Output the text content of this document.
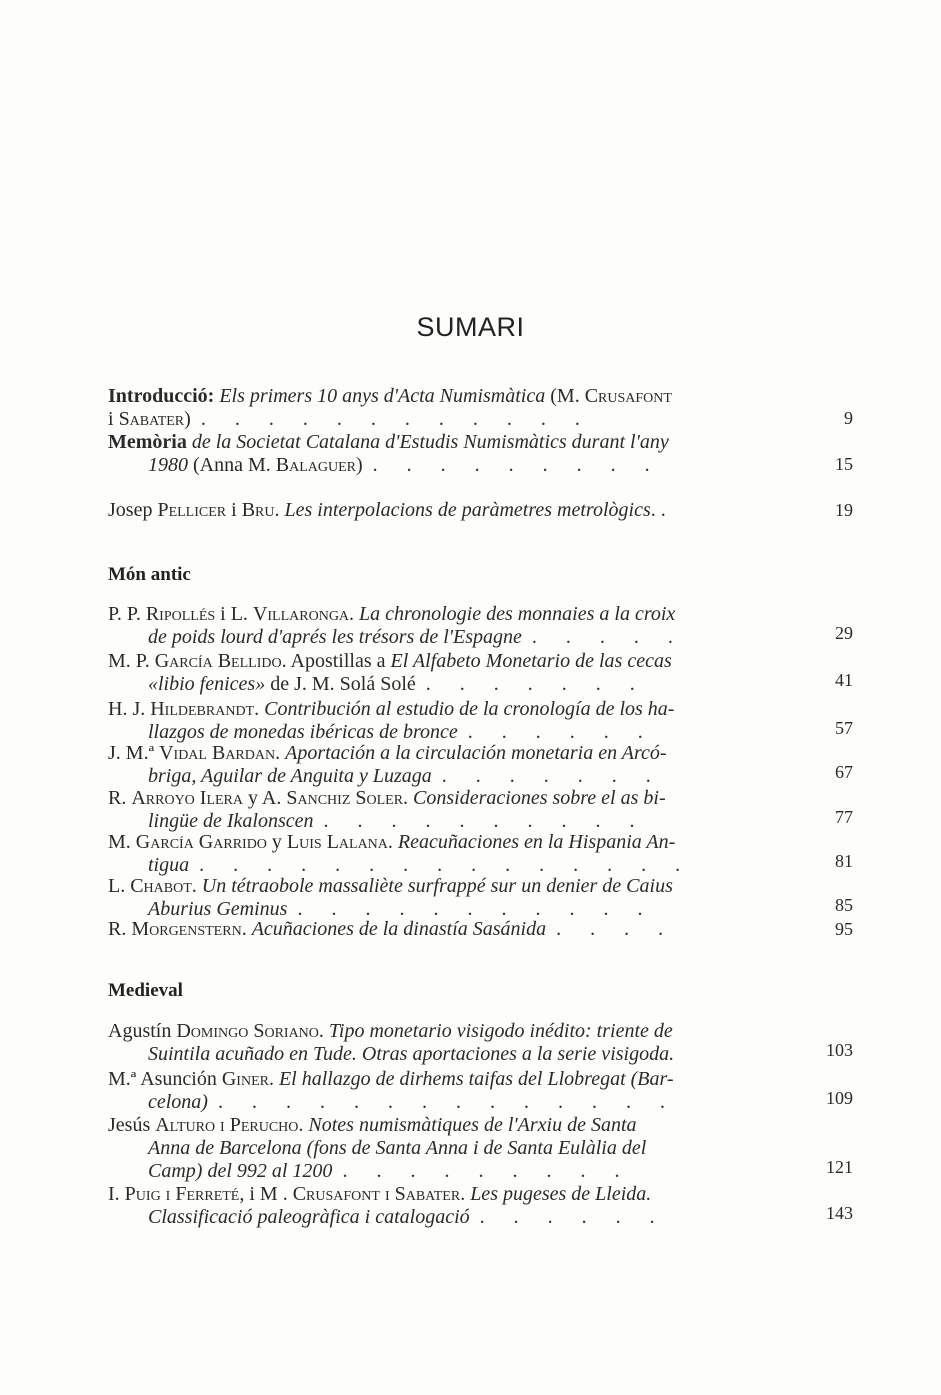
SUMARI
Introducció: Els primers 10 anys d'Acta Numismàtica (M. Crusafont
i Sabater) . . . . . . . . . . . .	9
Memòria de la Societat Catalana d'Estudis Numismàtics durant l'any
1980 (Anna M. Balaguer) . . . . . . . . .	15
Josep Pellicer i Bru. Les interpolacions de paràmetres metrològics. .	19
Món antic
P. P. Ripollés i L. Villaronga. La chronologie des monnaies a la croix
de poids lourd d'aprés les trésors de l'Espagne . . . . .	29
M. P. García Bellido. Apostillas a El Alfabeto Monetario de las cecas
«libio fenices» de J. M. Solá Solé . . . . . . .	41
H. J. Hildebrandt. Contribución al estudio de la cronología de los ha-
llazgos de monedas ibéricas de bronce . . . . . .	57
J. M.ª Vidal Bardan. Aportación a la circulación monetaria en Arcó-
briga, Aguilar de Anguita y Luzaga . . . . . . .	67
R. Arroyo Ilera y A. Sanchiz Soler. Consideraciones sobre el as bi-
lingüe de Ikalonscen . . . . . . . . . .	77
M. García Garrido y Luis Lalana. Reacuñaciones en la Hispania An-
tigua . . . . . . . . . . . . . . .	81
L. Chabot. Un tétraobole massaliète surfrappé sur un denier de Caius
Aburius Geminus . . . . . . . . . . .	85
R. Morgenstern. Acuñaciones de la dinastía Sasánida . . . .	95
Medieval
Agustín Domingo Soriano. Tipo monetario visigodo inédito: triente de
Suintila acuñado en Tude. Otras aportaciones a la serie visigoda.	103
M.ª Asunción Giner. El hallazgo de dirhems taifas del Llobregat (Bar-
celona) . . . . . . . . . . . . . .	109
Jesús Alturo i Perucho. Notes numismàtiques de l'Arxiu de Santa
Anna de Barcelona (fons de Santa Anna i de Santa Eulàlia del
Camp) del 992 al 1200 . . . . . . . . .	121
I. Puig i Ferreté, i M . Crusafont i Sabater. Les pugeses de Lleida.
Classificació paleogràfica i catalogació . . . . . .	143
